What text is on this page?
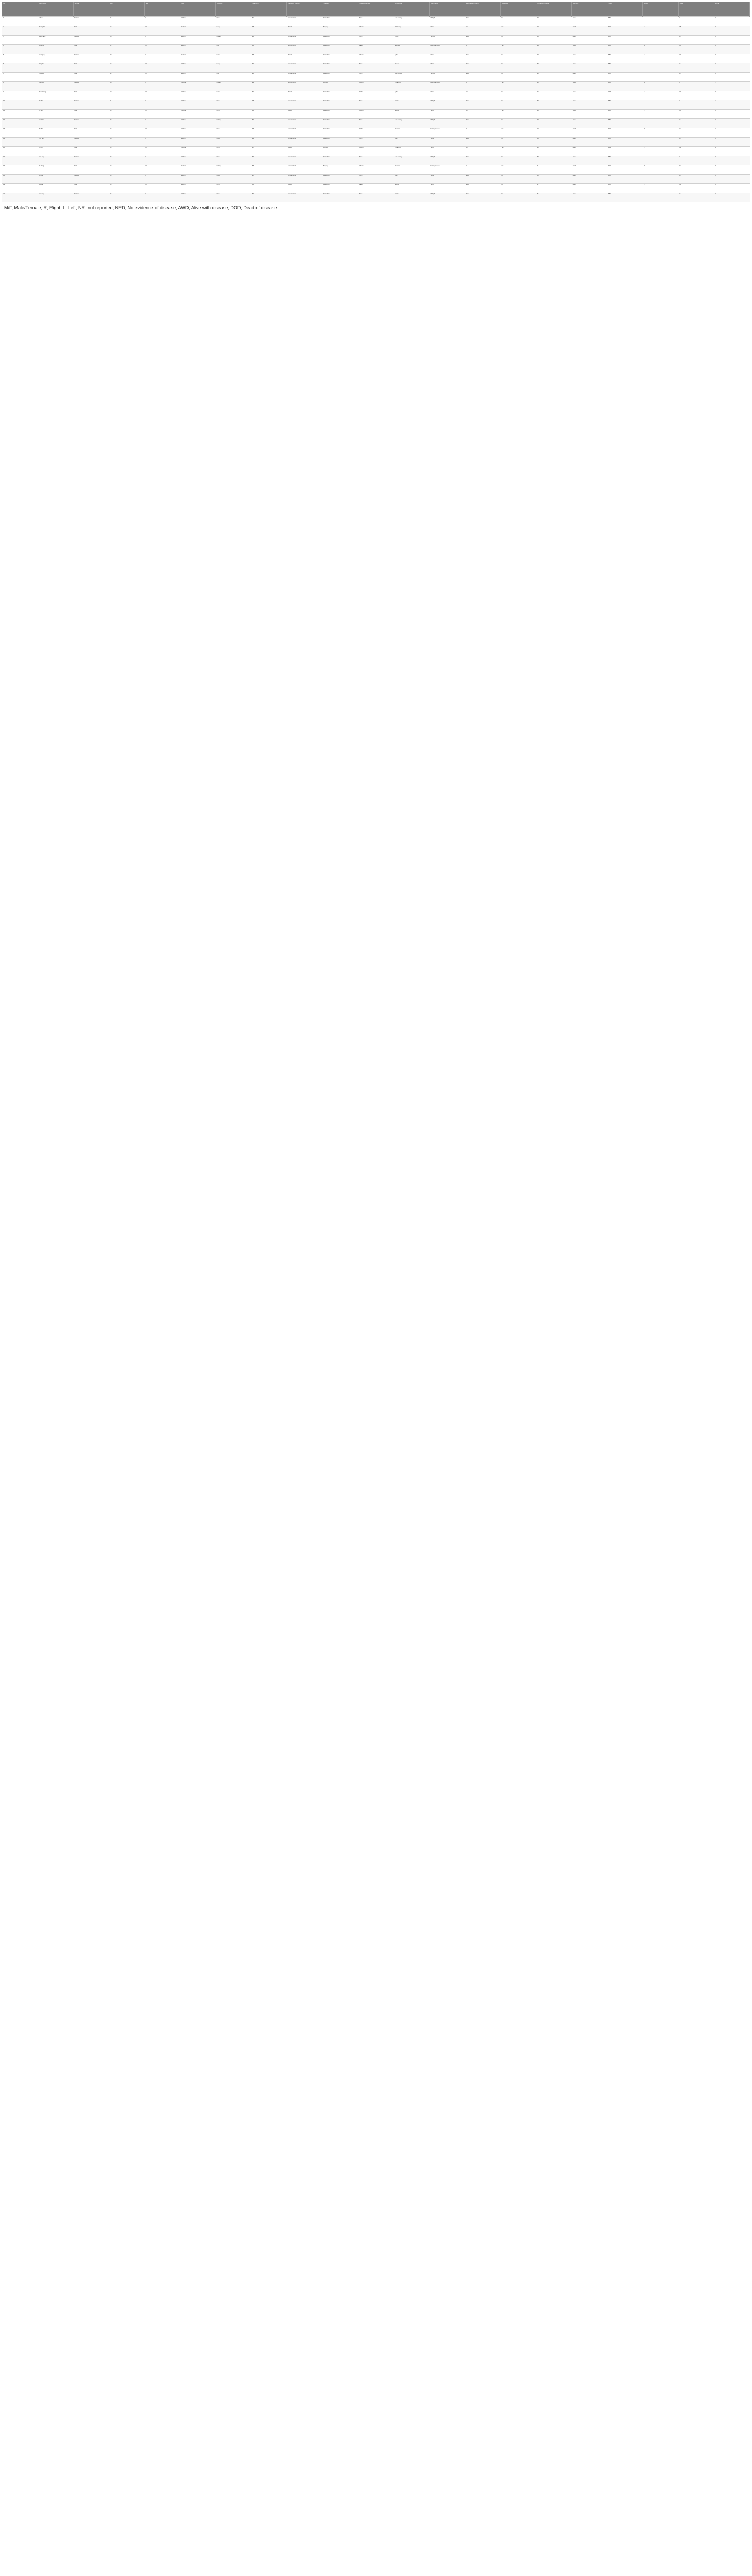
No.	Description	Gender	Age	Sex	Type	Location	Size (cm)	Histologic subtype	Surgery	Adjuvant therapy	CT findings	MRI findings	Recurrence (months)	Metastasis	Follow-up (months)	Outcome	Status	Grade	Stage	Score
1	Li Hua	Female	45	F	Solitary	Liver	3.2	Conventional	Resection	None	Low density	T2 high	None	No	24	Alive	NED	I	IA	2
2	Zhang Wei	Male	52	M	Multiple	Lung	4.5	Mixed	Biopsy	Chemo	Enhancing	T1 low	12	Yes	18	Dead	DOD	II	IIB	4
3	Wang Fang	Female	38	F	Solitary	Kidney	2.1	Conventional	Resection	None	Cystic	T2 high	None	No	36	Alive	NED	I	IA	1
4	Liu Yang	Male	61	M	Solitary	Liver	5.6	Sarcomatoid	Resection	Radio	Necrosis	Heterogeneous	8	Yes	14	Dead	DOD	III	IIIA	6
5	Chen Jing	Female	49	F	Multiple	Bone	3.8	Mixed	Resection	Chemo	Lytic	T1 low	None	No	28	Alive	NED	II	IIA	3
6	Yang Min	Male	57	M	Solitary	Lung	4.0	Conventional	Resection	None	Nodule	T2 iso	None	No	30	Alive	NED	I	IB	2
7	Zhao Lei	Male	44	M	Solitary	Liver	2.9	Conventional	Resection	None	Low density	T2 high	None	No	40	Alive	NED	I	IA	1
8	Huang Li	Female	66	F	Multiple	Kidney	6.2	Sarcomatoid	Biopsy	Chemo	Enhancing	Heterogeneous	6	Yes	10	Dead	DOD	III	IV	7
9	Zhou Qiang	Male	50	M	Solitary	Bone	3.4	Mixed	Resection	Radio	Lytic	T1 low	18	No	26	Alive	AWD	II	IIA	3
10	Wu Xia	Female	41	F	Solitary	Liver	2.5	Conventional	Resection	None	Cystic	T2 high	None	No	34	Alive	NED	I	IA	1
11	Xu Jun	Male	59	M	Multiple	Lung	5.1	Mixed	Resection	Chemo	Nodule	T2 iso	10	Yes	16	Dead	DOD	II	IIIB	5
12	Sun Mei	Female	47	F	Solitary	Kidney	3.0	Conventional	Resection	None	Low density	T2 high	None	No	29	Alive	NED	I	IB	2
13	Ma Tao	Male	63	M	Solitary	Liver	4.8	Sarcomatoid	Resection	Radio	Necrosis	Heterogeneous	9	Yes	13	Dead	DOD	III	IIIA	6
14	Zhu Yan	Female	36	F	Solitary	Bone	2.2	Conventional	Resection	None	Lytic	T1 low	None	No	38	Alive	NED	I	IA	1
15	Hu Bin	Male	55	M	Multiple	Lung	4.3	Mixed	Biopsy	Chemo	Enhancing	T2 iso	14	Yes	20	Alive	AWD	II	IIB	4
16	Guo Ling	Female	43	F	Solitary	Liver	3.1	Conventional	Resection	None	Low density	T2 high	None	No	32	Alive	NED	I	IA	2
17	He Peng	Male	68	M	Multiple	Kidney	6.8	Sarcomatoid	Biopsy	Chemo	Necrosis	Heterogeneous	5	Yes	9	Dead	DOD	III	IV	7
18	Lin Xue	Female	39	F	Solitary	Bone	2.7	Conventional	Resection	None	Lytic	T1 low	None	No	35	Alive	NED	I	IA	1
19	Luo Kai	Male	53	M	Solitary	Lung	3.9	Mixed	Resection	Radio	Nodule	T2 iso	None	No	27	Alive	NED	II	IIA	3
20	Gao Ying	Female	46	F	Solitary	Liver	3.3	Conventional	Resection	None	Cystic	T2 high	None	No	31	Alive	NED	I	IB	2
M/F, Male/Female; R, Right; L, Left; NR, not reported; NED, No evidence of disease; AWD, Alive with disease; DOD, Dead of disease.
